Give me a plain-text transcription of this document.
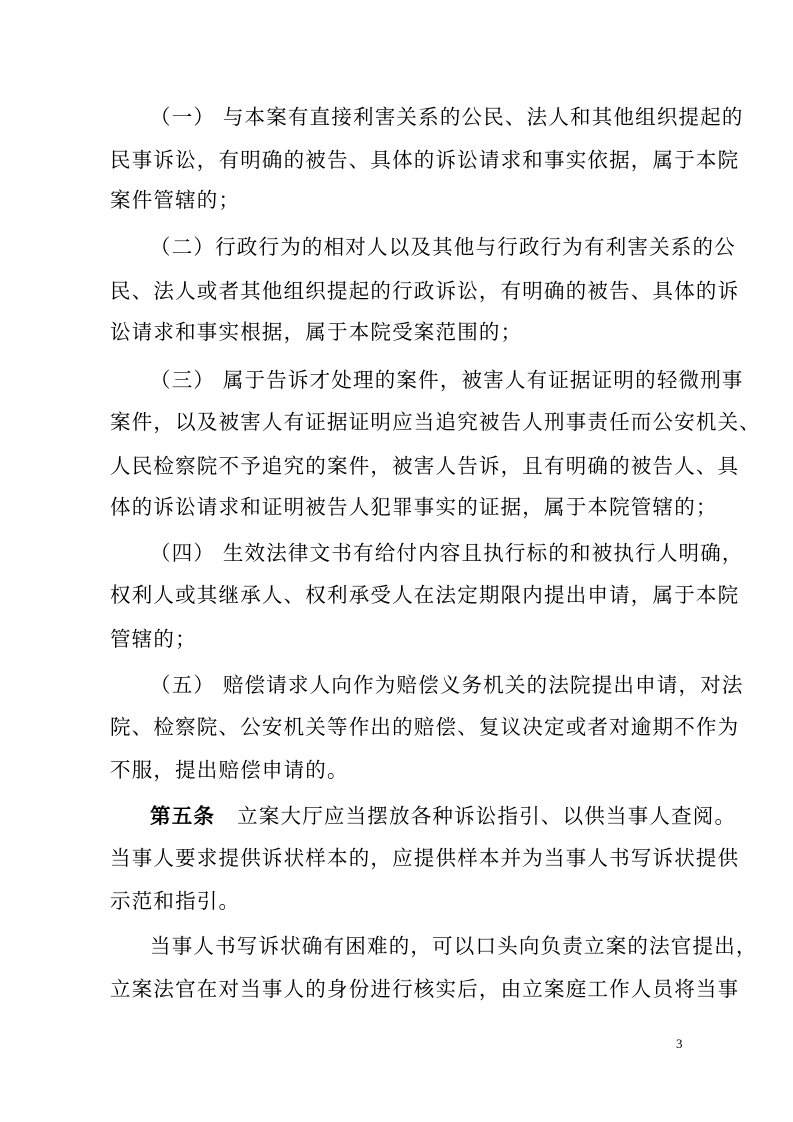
（一） 与本案有直接利害关系的公民、法人和其他组织提起的
民事诉讼，有明确的被告、具体的诉讼请求和事实依据，属于本院
案件管辖的；
（二）行政行为的相对人以及其他与行政行为有利害关系的公
民、法人或者其他组织提起的行政诉讼，有明确的被告、具体的诉
讼请求和事实根据，属于本院受案范围的；
（三） 属于告诉才处理的案件，被害人有证据证明的轻微刑事
案件，以及被害人有证据证明应当追究被告人刑事责任而公安机关、
人民检察院不予追究的案件，被害人告诉，且有明确的被告人、具
体的诉讼请求和证明被告人犯罪事实的证据，属于本院管辖的；
（四） 生效法律文书有给付内容且执行标的和被执行人明确，
权利人或其继承人、权利承受人在法定期限内提出申请，属于本院
管辖的；
（五） 赔偿请求人向作为赔偿义务机关的法院提出申请，对法
院、检察院、公安机关等作出的赔偿、复议决定或者对逾期不作为
不服，提出赔偿申请的。
第五条 立案大厅应当摆放各种诉讼指引、以供当事人查阅。
当事人要求提供诉状样本的，应提供样本并为当事人书写诉状提供
示范和指引。
当事人书写诉状确有困难的，可以口头向负责立案的法官提出，
立案法官在对当事人的身份进行核实后，由立案庭工作人员将当事
3
